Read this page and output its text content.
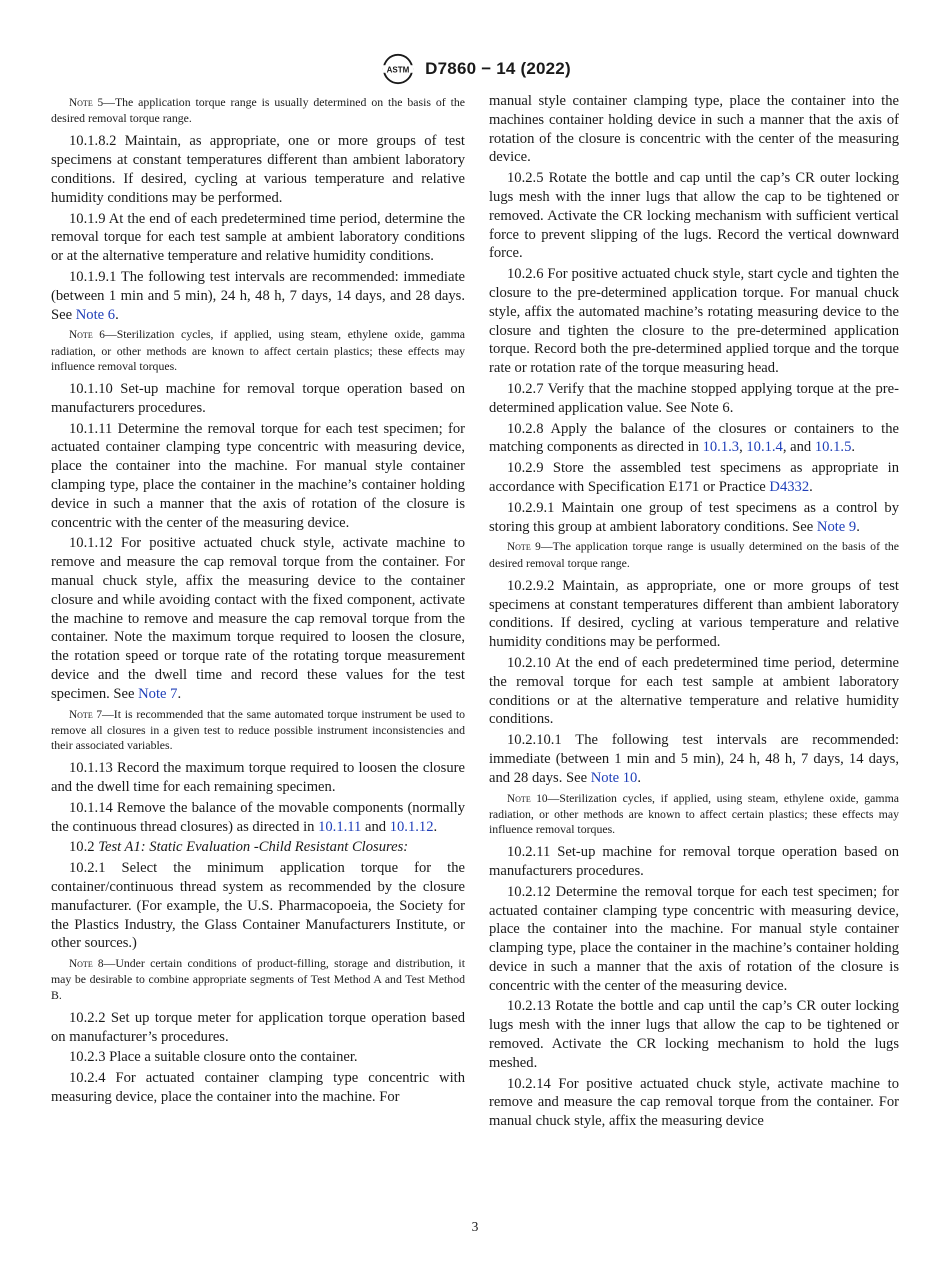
ASTM D7860 − 14 (2022)
Note 5—The application torque range is usually determined on the basis of the desired removal torque range.

10.1.8.2 Maintain, as appropriate, one or more groups of test specimens at constant temperatures different than ambient laboratory conditions. If desired, cycling at various temperature and relative humidity conditions may be performed.

10.1.9 At the end of each predetermined time period, determine the removal torque for each test sample at ambient laboratory conditions or at the alternative temperature and relative humidity conditions.

10.1.9.1 The following test intervals are recommended: immediate (between 1 min and 5 min), 24 h, 48 h, 7 days, 14 days, and 28 days. See Note 6.

Note 6—Sterilization cycles, if applied, using steam, ethylene oxide, gamma radiation, or other methods are known to affect certain plastics; these effects may influence removal torques.

10.1.10 Set-up machine for removal torque operation based on manufacturers procedures.

10.1.11 Determine the removal torque for each test specimen; for actuated container clamping type concentric with measuring device, place the container into the machine. For manual style container clamping type, place the container in the machine’s container holding device in such a manner that the axis of rotation of the closure is concentric with the center of the measuring device.

10.1.12 For positive actuated chuck style, activate machine to remove and measure the cap removal torque from the container. For manual chuck style, affix the measuring device to the container closure and while avoiding contact with the fixed component, activate the machine to remove and measure the cap removal torque from the container. Note the maximum torque required to loosen the closure, the rotation speed or torque rate of the rotating torque measurement device and the dwell time and record these values for the test specimen. See Note 7.

Note 7—It is recommended that the same automated torque instrument be used to remove all closures in a given test to reduce possible instrument inconsistencies and their associated variables.

10.1.13 Record the maximum torque required to loosen the closure and the dwell time for each remaining specimen.

10.1.14 Remove the balance of the movable components (normally the continuous thread closures) as directed in 10.1.11 and 10.1.12.

10.2 Test A1: Static Evaluation -Child Resistant Closures:

10.2.1 Select the minimum application torque for the container/continuous thread system as recommended by the closure manufacturer. (For example, the U.S. Pharmacopoeia, the Society for the Plastics Industry, the Glass Container Manufacturers Institute, or other sources.)

Note 8—Under certain conditions of product-filling, storage and distribution, it may be desirable to combine appropriate segments of Test Method A and Test Method B.

10.2.2 Set up torque meter for application torque operation based on manufacturer’s procedures.

10.2.3 Place a suitable closure onto the container.

10.2.4 For actuated container clamping type concentric with measuring device, place the container into the machine. For

manual style container clamping type, place the container into the machines container holding device in such a manner that the axis of rotation of the closure is concentric with the center of the measuring device.

10.2.5 Rotate the bottle and cap until the cap’s CR outer locking lugs mesh with the inner lugs that allow the cap to be tightened or removed. Activate the CR locking mechanism with sufficient vertical force to prevent slipping of the lugs. Record the vertical downward force.

10.2.6 For positive actuated chuck style, start cycle and tighten the closure to the pre-determined application torque. For manual chuck style, affix the automated machine’s rotating measuring device to the closure and tighten the closure to the pre-determined application torque. Record both the pre-determined applied torque and the torque rate or rotation rate of the torque measuring head.

10.2.7 Verify that the machine stopped applying torque at the pre-determined application value. See Note 6.

10.2.8 Apply the balance of the closures or containers to the matching components as directed in 10.1.3, 10.1.4, and 10.1.5.

10.2.9 Store the assembled test specimens as appropriate in accordance with Specification E171 or Practice D4332.

10.2.9.1 Maintain one group of test specimens as a control by storing this group at ambient laboratory conditions. See Note 9.

Note 9—The application torque range is usually determined on the basis of the desired removal torque range.

10.2.9.2 Maintain, as appropriate, one or more groups of test specimens at constant temperatures different than ambient laboratory conditions. If desired, cycling at various temperature and relative humidity conditions may be performed.

10.2.10 At the end of each predetermined time period, determine the removal torque for each test sample at ambient laboratory conditions or at the alternative temperature and relative humidity conditions.

10.2.10.1 The following test intervals are recommended: immediate (between 1 min and 5 min), 24 h, 48 h, 7 days, 14 days, and 28 days. See Note 10.

Note 10—Sterilization cycles, if applied, using steam, ethylene oxide, gamma radiation, or other methods are known to affect certain plastics; these effects may influence removal torques.

10.2.11 Set-up machine for removal torque operation based on manufacturers procedures.

10.2.12 Determine the removal torque for each test specimen; for actuated container clamping type concentric with measuring device, place the container into the machine. For manual style container clamping type, place the container in the machine’s container holding device in such a manner that the axis of rotation of the closure is concentric with the center of the measuring device.

10.2.13 Rotate the bottle and cap until the cap’s CR outer locking lugs mesh with the inner lugs that allow the cap to be tightened or removed. Activate the CR locking mechanism to hold the lugs meshed.

10.2.14 For positive actuated chuck style, activate machine to remove and measure the cap removal torque from the container. For manual chuck style, affix the measuring device

3
